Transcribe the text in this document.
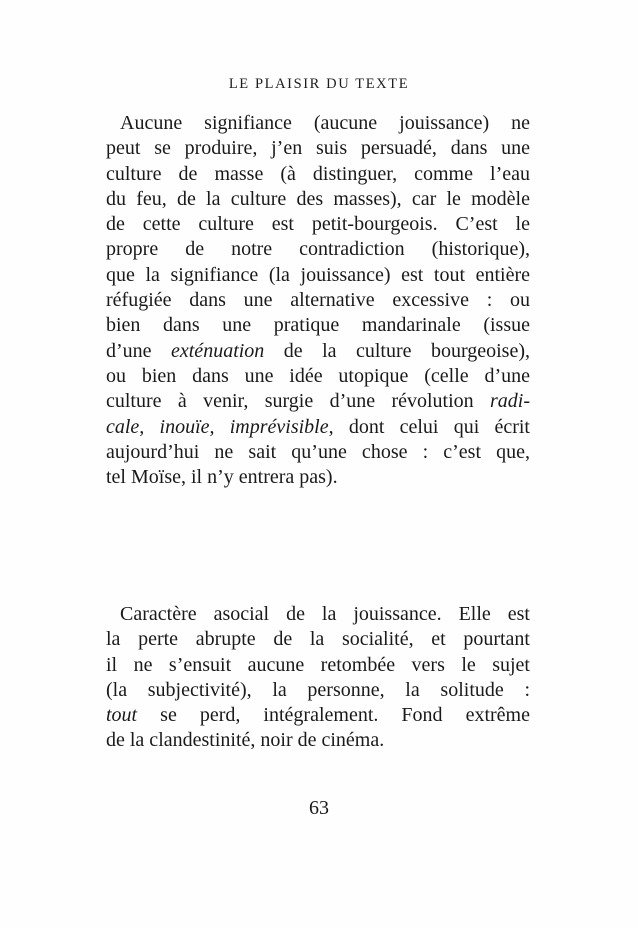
LE PLAISIR DU TEXTE
Aucune signifiance (aucune jouissance) ne
peut se produire, j’en suis persuadé, dans une
culture de masse (à distinguer, comme l’eau
du feu, de la culture des masses), car le modèle
de cette culture est petit-bourgeois. C’est le
propre de notre contradiction (historique),
que la signifiance (la jouissance) est tout entière
réfugiée dans une alternative excessive : ou
bien dans une pratique mandarinale (issue
d’une exténuation de la culture bourgeoise),
ou bien dans une idée utopique (celle d’une
culture à venir, surgie d’une révolution radi-
cale, inouïe, imprévisible, dont celui qui écrit
aujourd’hui ne sait qu’une chose : c’est que,
tel Moïse, il n’y entrera pas).
Caractère asocial de la jouissance. Elle est
la perte abrupte de la socialité, et pourtant
il ne s’ensuit aucune retombée vers le sujet
(la subjectivité), la personne, la solitude :
tout se perd, intégralement. Fond extrême
de la clandestinité, noir de cinéma.
63
